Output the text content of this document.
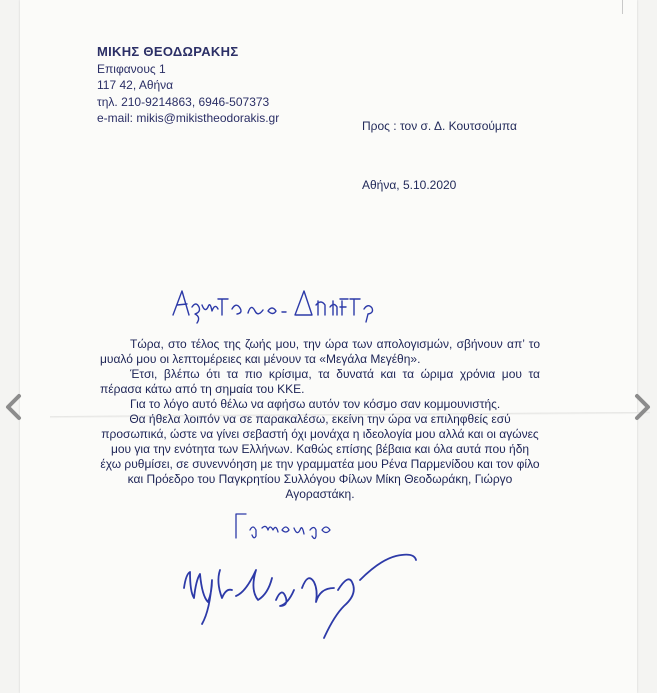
ΜΙΚΗΣ ΘΕΟΔΩΡΑΚΗΣ
Επιφανους 1
117 42, Αθήνα
τηλ. 210-9214863, 6946-507373
e-mail: mikis@mikistheodorakis.gr
Προς : τον σ. Δ. Κουτσούμπα
Αθήνα, 5.10.2020

Τώρα, στο τέλος της ζωής μου, την ώρα των απολογισμών, σβήνουν απ’ το μυαλό μου οι λεπτομέρειες και μένουν τα «Μεγάλα Μεγέθη».

Έτσι, βλέπω ότι τα πιο κρίσιμα, τα δυνατά και τα ώριμα χρόνια μου τα πέρασα κάτω από τη σημαία του ΚΚΕ.

Για το λόγο αυτό θέλω να αφήσω αυτόν τον κόσμο σαν κομμουνιστής.

Θα ήθελα λοιπόν να σε παρακαλέσω, εκείνη την ώρα να επιληφθείς εσύ προσωπικά, ώστε να γίνει σεβαστή όχι μονάχα η ιδεολογία μου αλλά και οι αγώνες μου για την ενότητα των Ελλήνων. Καθώς επίσης βέβαια και όλα αυτά που ήδη έχω ρυθμίσει, σε συνεννόηση με την γραμματέα μου Ρένα Παρμενίδου και τον φίλο και Πρόεδρο του Παγκρητίου Συλλόγου Φίλων Μίκη Θεοδωράκη, Γιώργο Αγοραστάκη.
